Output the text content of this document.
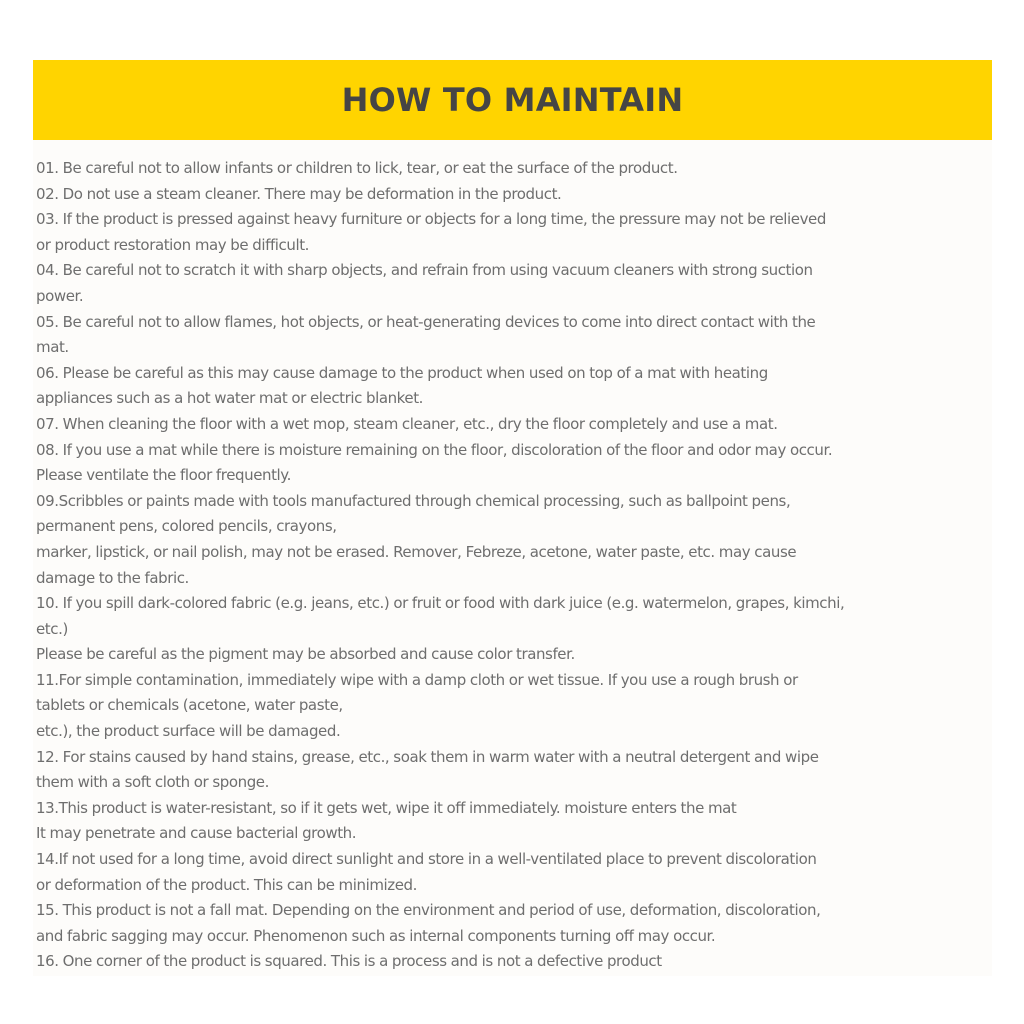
HOW TO MAINTAIN
01. Be careful not to allow infants or children to lick, tear, or eat the surface of the product.
02. Do not use a steam cleaner. There may be deformation in the product.
03. If the product is pressed against heavy furniture or objects for a long time, the pressure may not be relieved
or product restoration may be difficult.
04. Be careful not to scratch it with sharp objects, and refrain from using vacuum cleaners with strong suction
power.
05. Be careful not to allow flames, hot objects, or heat-generating devices to come into direct contact with the
mat.
06. Please be careful as this may cause damage to the product when used on top of a mat with heating
appliances such as a hot water mat or electric blanket.
07. When cleaning the floor with a wet mop, steam cleaner, etc., dry the floor completely and use a mat.
08. If you use a mat while there is moisture remaining on the floor, discoloration of the floor and odor may occur.
Please ventilate the floor frequently.
09.Scribbles or paints made with tools manufactured through chemical processing, such as ballpoint pens,
permanent pens, colored pencils, crayons,
marker, lipstick, or nail polish, may not be erased. Remover, Febreze, acetone, water paste, etc. may cause
damage to the fabric.
10. If you spill dark-colored fabric (e.g. jeans, etc.) or fruit or food with dark juice (e.g. watermelon, grapes, kimchi,
etc.)
Please be careful as the pigment may be absorbed and cause color transfer.
11.For simple contamination, immediately wipe with a damp cloth or wet tissue. If you use a rough brush or
tablets or chemicals (acetone, water paste,
etc.), the product surface will be damaged.
12. For stains caused by hand stains, grease, etc., soak them in warm water with a neutral detergent and wipe
them with a soft cloth or sponge.
13.This product is water-resistant, so if it gets wet, wipe it off immediately. moisture enters the mat
It may penetrate and cause bacterial growth.
14.If not used for a long time, avoid direct sunlight and store in a well-ventilated place to prevent discoloration
or deformation of the product. This can be minimized.
15. This product is not a fall mat. Depending on the environment and period of use, deformation, discoloration,
and fabric sagging may occur. Phenomenon such as internal components turning off may occur.
16. One corner of the product is squared. This is a process and is not a defective product
